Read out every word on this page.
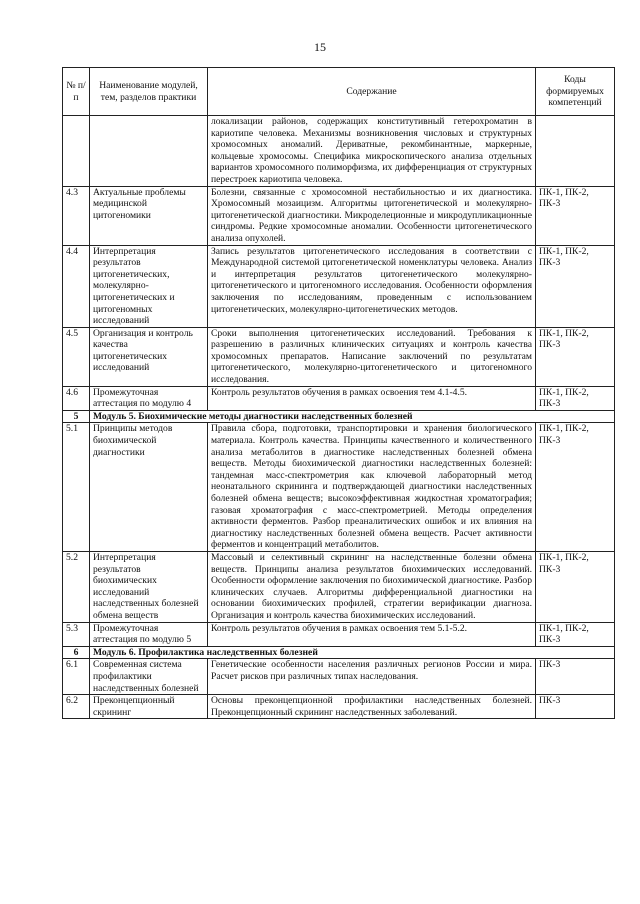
15
№ п/п	Наименование модулей, тем, разделов практики	Содержание	Коды формируемых компетенций
		локализации районов, содержащих конститутивный гетерохроматин в кариотипе человека. Механизмы возникновения числовых и структурных хромосомных аномалий. Дериватные, рекомбинантные, маркерные, кольцевые хромосомы. Специфика микроскопического анализа отдельных вариантов хромосомного полиморфизма, их дифференциация от структурных перестроек кариотипа человека.	
4.3	Актуальные проблемы медицинской цитогеномики	Болезни, связанные с хромосомной нестабильностью и их диагностика. Хромосомный мозаицизм. Алгоритмы цитогенетической и молекулярно-цитогенетической диагностики. Микроделеционные и микродупликационные синдромы. Редкие хромосомные аномалии. Особенности цитогенетического анализа опухолей.	ПК-1, ПК-2, ПК-3
4.4	Интерпретация результатов цитогенетических, молекулярно-цитогенетических и цитогеномных исследований	Запись результатов цитогенетического исследования в соответствии с Международной системой цитогенетической номенклатуры человека. Анализ и интерпретация результатов цитогенетического молекулярно-цитогенетического и цитогеномного исследования. Особенности оформления заключения по исследованиям, проведенным с использованием цитогенетических, молекулярно-цитогенетических методов.	ПК-1, ПК-2, ПК-3
4.5	Организация и контроль качества цитогенетических исследований	Сроки выполнения цитогенетических исследований. Требования к разрешению в различных клинических ситуациях и контроль качества хромосомных препаратов. Написание заключений по результатам цитогенетического, молекулярно-цитогенетического и цитогеномного исследования.	ПК-1, ПК-2, ПК-3
4.6	Промежуточная аттестация по модулю 4	Контроль результатов обучения в рамках освоения тем 4.1-4.5.	ПК-1, ПК-2, ПК-3
5	Модуль 5. Биохимические методы диагностики наследственных болезней		
5.1	Принципы методов биохимической диагностики	Правила сбора, подготовки, транспортировки и хранения биологического материала. Контроль качества. Принципы качественного и количественного анализа метаболитов в диагностике наследственных болезней обмена веществ. Методы биохимической диагностики наследственных болезней: тандемная масс-спектрометрия как ключевой лабораторный метод неонатального скрининга и подтверждающей диагностики наследственных болезней обмена веществ; высокоэффективная жидкостная хроматография; газовая хроматография с масс-спектрометрией. Методы определения активности ферментов. Разбор преаналитических ошибок и их влияния на диагностику наследственных болезней обмена веществ. Расчет активности ферментов и концентраций метаболитов.	ПК-1, ПК-2, ПК-3
5.2	Интерпретация результатов биохимических исследований наследственных болезней обмена веществ	Массовый и селективный скрининг на наследственные болезни обмена веществ. Принципы анализа результатов биохимических исследований. Особенности оформление заключения по биохимической диагностике. Разбор клинических случаев. Алгоритмы дифференциальной диагностики на основании биохимических профилей, стратегии верификации диагноза. Организация и контроль качества биохимических исследований.	ПК-1, ПК-2, ПК-3
5.3	Промежуточная аттестация по модулю 5	Контроль результатов обучения в рамках освоения тем 5.1-5.2.	ПК-1, ПК-2, ПК-3
6	Модуль 6. Профилактика наследственных болезней		
6.1	Современная система профилактики наследственных болезней	Генетические особенности населения различных регионов России и мира. Расчет рисков при различных типах наследования.	ПК-3
6.2	Преконцепционный скрининг	Основы преконцепционной профилактики наследственных болезней. Преконцепционный скрининг наследственных заболеваний.	ПК-3
